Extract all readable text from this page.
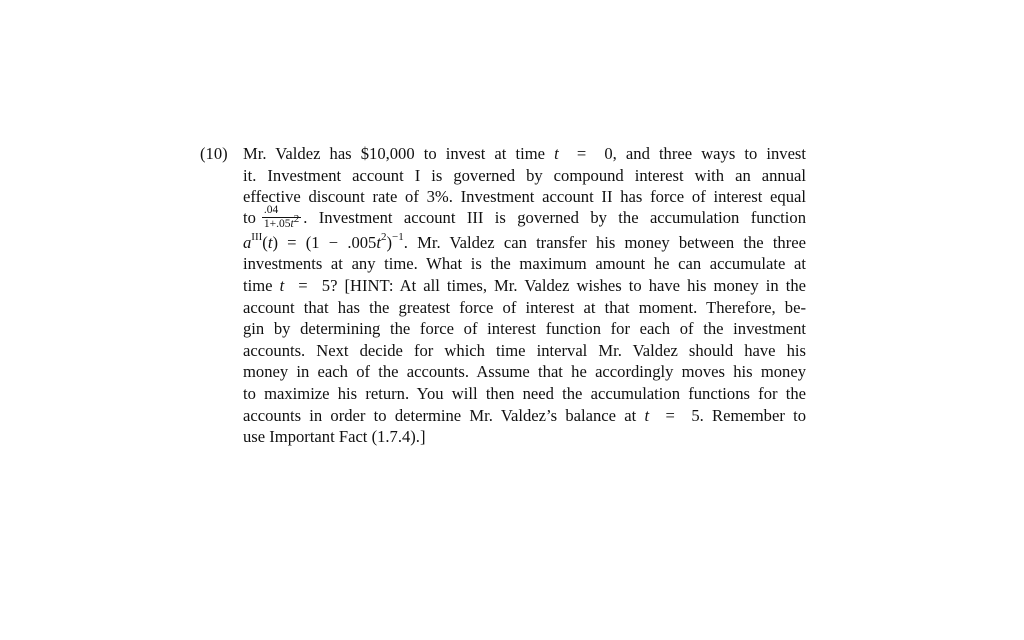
(10) Mr. Valdez has $10,000 to invest at time t  =  0, and three ways to invest
it. Investment account I is governed by compound interest with an annual
effective discount rate of 3%. Investment account II has force of interest equal
to $\frac{.04}{1+.05t^2}$ . Investment account III is governed by the accumulation function
$a^{III}(t) = (1 - .005t^2)^{-1}$. Mr. Valdez can transfer his money between the three
investments at any time. What is the maximum amount he can accumulate at
time t  =  5? [HINT: At all times, Mr. Valdez wishes to have his money in the
account that has the greatest force of interest at that moment. Therefore, be-
gin by determining the force of interest function for each of the investment
accounts. Next decide for which time interval Mr. Valdez should have his
money in each of the accounts. Assume that he accordingly moves his money
to maximize his return. You will then need the accumulation functions for the
accounts in order to determine Mr. Valdez’s balance at t  =  5. Remember to
use Important Fact (1.7.4).]
